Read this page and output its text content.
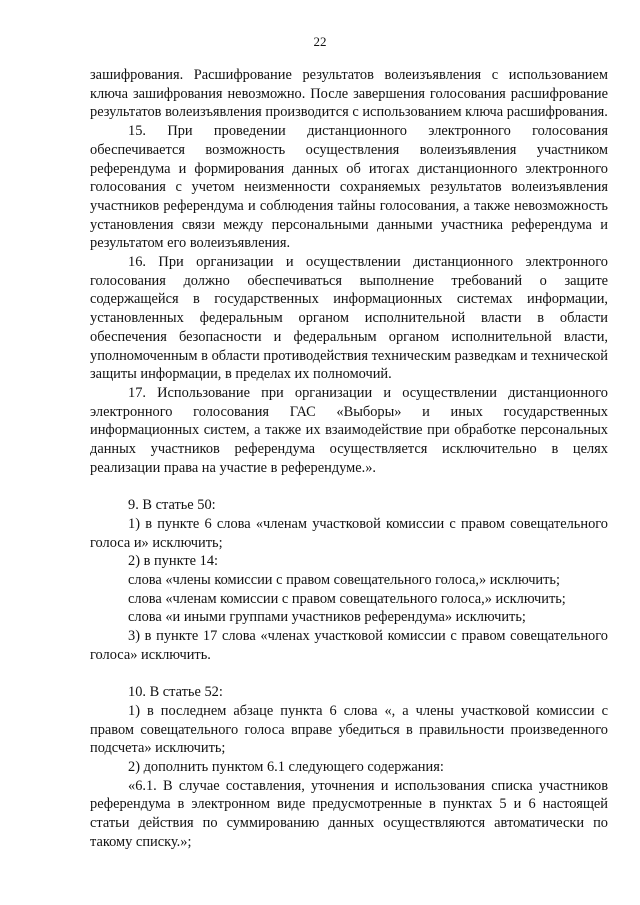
22

зашифрования. Расшифрование результатов волеизъявления с использованием ключа зашифрования невозможно. После завершения голосования расшифрование результатов волеизъявления производится с использованием ключа расшифрования.

15. При проведении дистанционного электронного голосования обеспечивается возможность осуществления волеизъявления участником референдума и формирования данных об итогах дистанционного электронного голосования с учетом неизменности сохраняемых результатов волеизъявления участников референдума и соблюдения тайны голосования, а также невозможность установления связи между персональными данными участника референдума и результатом его волеизъявления.

16. При организации и осуществлении дистанционного электронного голосования должно обеспечиваться выполнение требований о защите содержащейся в государственных информационных системах информации, установленных федеральным органом исполнительной власти в области обеспечения безопасности и федеральным органом исполнительной власти, уполномоченным в области противодействия техническим разведкам и технической защиты информации, в пределах их полномочий.

17. Использование при организации и осуществлении дистанционного электронного голосования ГАС «Выборы» и иных государственных информационных систем, а также их взаимодействие при обработке персональных данных участников референдума осуществляется исключительно в целях реализации права на участие в референдуме.».

9. В статье 50:

1) в пункте 6 слова «членам участковой комиссии с правом совещательного голоса и» исключить;

2) в пункте 14:

слова «члены комиссии с правом совещательного голоса,» исключить;

слова «членам комиссии с правом совещательного голоса,» исключить;

слова «и иными группами участников референдума» исключить;

3) в пункте 17 слова «членах участковой комиссии с правом совещательного голоса» исключить.

10. В статье 52:

1) в последнем абзаце пункта 6 слова «, а члены участковой комиссии с правом совещательного голоса вправе убедиться в правильности произведенного подсчета» исключить;

2) дополнить пунктом 6.1 следующего содержания:

«6.1. В случае составления, уточнения и использования списка участников референдума в электронном виде предусмотренные в пунктах 5 и 6 настоящей статьи действия по суммированию данных осуществляются автоматически по такому списку.»;
